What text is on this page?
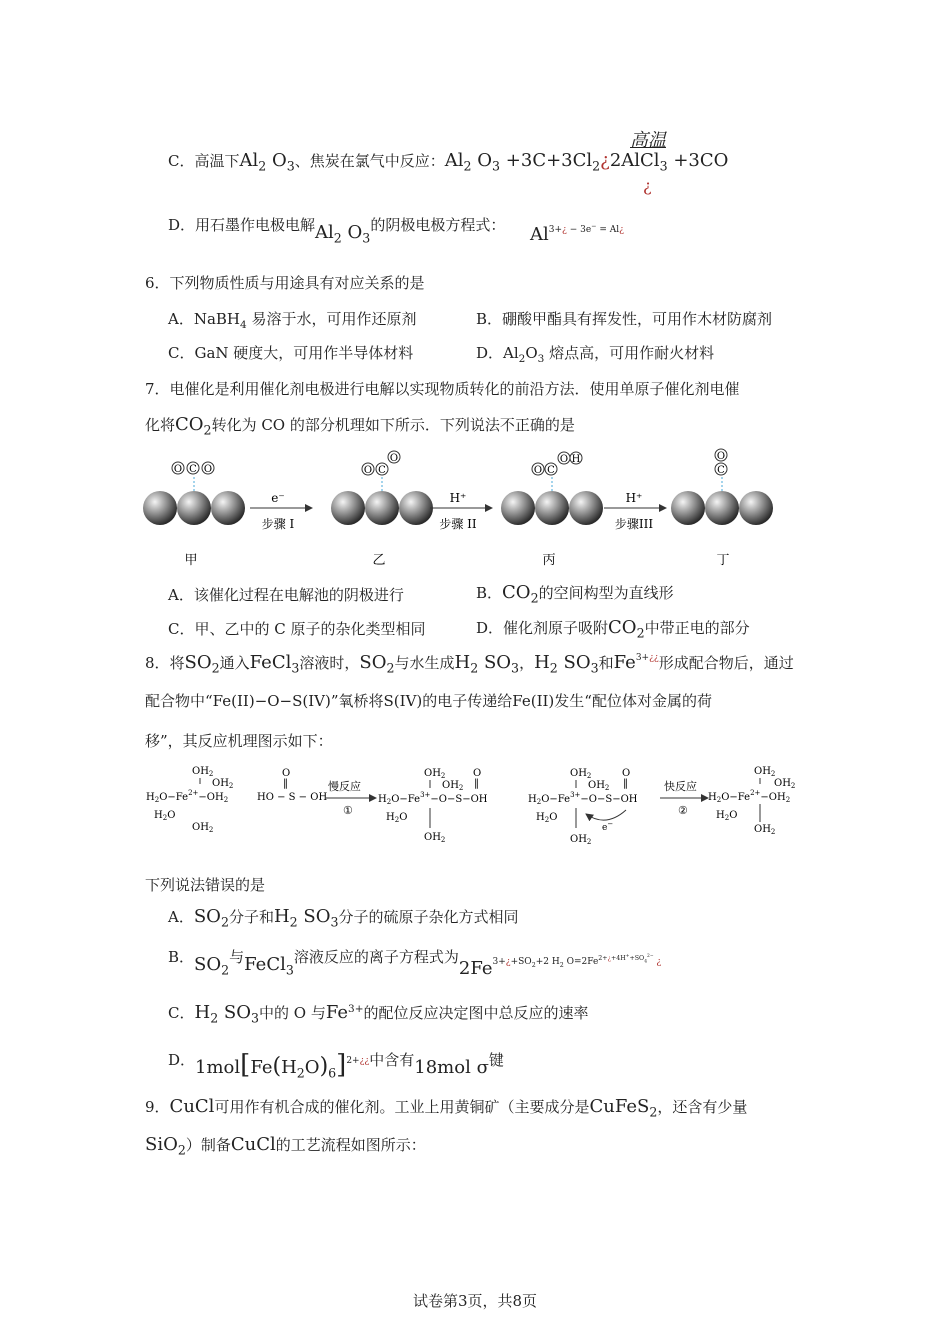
高温
C．高温下$Al_2$ $O_3$、焦炭在氯气中反应：$Al_2$ $O_3$ $+3C+3Cl_2¿2AlCl_3 +3CO$
¿
D．用石墨作电极电解$Al_2$ $O_3$的阴极电极方程式： $Al^{3+¿ - 3e^- = Al¿}$
6．下列物质性质与用途具有对应关系的是
A．NaBH$_4$ 易溶于水，可用作还原剂	B．硼酸甲酯具有挥发性，可用作木材防腐剂
C．GaN 硬度大，可用作半导体材料	D．$Al_2O_3$ 熔点高，可用作耐火材料
7．电催化是利用催化剂电极进行电解以实现物质转化的前沿方法．使用单原子催化剂电催
化将$CO_2$转化为 CO 的部分机理如下所示．下列说法不正确的是
O C O
e⁻
步骤 I
O C
O
H⁺
步骤 II
O C
O H
H⁺
步骤III
O
C
甲	乙	丙	丁
A．该催化过程在电解池的阴极进行	B．$CO_2$的空间构型为直线形
C．甲、乙中的 C 原子的杂化类型相同	D．催化剂原子吸附$CO_2$中带正电的部分
8．将$SO_2$通入FeCl$_3$溶液时，$SO_2$与水生成$H_2$ $SO_3$，$H_2$ $SO_3$和$Fe^{3+¿¿}$形成配合物后，通过
配合物中“Fe(II)−O−S(IV)”氧桥将S(IV)的电子传递给Fe(II)发生“配位体对金属的荷
移”，其反应机理图示如下：
$OH_2$
$OH_2$
$H_2O-Fe^{2+}-OH_2$
$H_2O$
$OH_2$
O
‖
HO − S − OH
慢反应
①
$OH_2$
$OH_2$
O
‖
$H_2O-Fe^{3+}-O-S-OH$
$H_2O$
$OH_2$
$OH_2$
$OH_2$
O
‖
$H_2O-Fe^{3+}-O-S-OH$
$H_2O$
$OH_2$
e−
快反应
②
$OH_2$
$OH_2$
$H_2O-Fe^{2+}-OH_2$
$H_2O$
$OH_2$
下列说法错误的是
A．$SO_2$分子和$H_2$ $SO_3$分子的硫原子杂化方式相同
B．$SO_2$与FeCl$_3$溶液反应的离子方程式为$2Fe3+¿+SO_2+2$ $H_2$ $O=2Fe^{2+¿+4H^++SO_4^{2-}}$ ¿
C．$H_2$ $SO_3$中的 O 与$Fe^{3+}$的配位反应决定图中总反应的速率
D．$1mol[Fe(H_2O)_6]2+¿¿$中含有18mol σ键
9．CuCl可用作有机合成的催化剂。工业上用黄铜矿（主要成分是CuFeS$_2$，还含有少量
SiO$_2$）制备CuCl的工艺流程如图所示：
试卷第3页，共8页
